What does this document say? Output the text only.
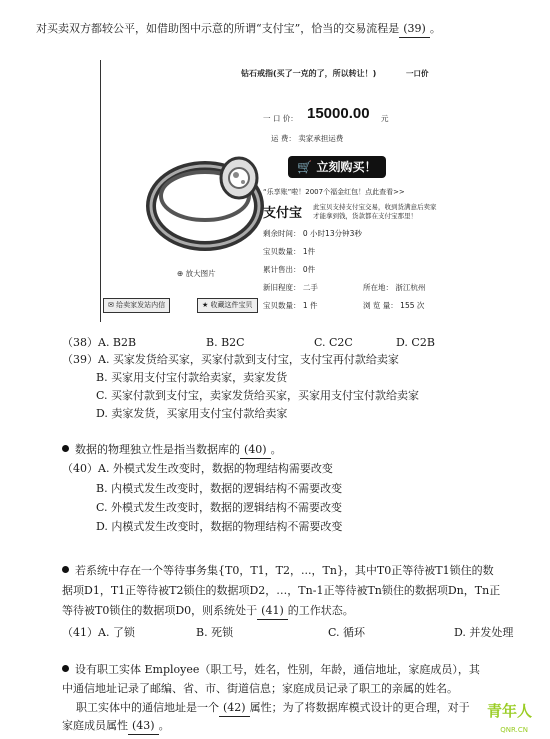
对买卖双方都较公平，如借助图中示意的所谓“支付宝”，恰当的交易流程是 (39) 。
钻石戒指(买了一克的了，所以转让！)	一口价
一 口 价： 15000.00 元
运 费： 卖家承担运费
⊕ 放大图片
✉ 给卖家发站内信	★ 收藏这件宝贝
🛒 立刻购买！
“乐享账”啦！2007个福金红包！点此查看>>
支付宝 此宝贝支持支付宝交易，收到货满意后卖家
才能拿到钱，货款都在支付宝那里！
剩余时间： 0 小时13分钟3秒
宝贝数量： 1件
累计售出： 0件
新旧程度： 二手	所在地： 浙江杭州
宝贝数量： 1 件	浏 览 量： 155 次
（38）A. B2B	B. B2C	C. C2C	D. C2B
（39）A. 买家发货给买家，买家付款到支付宝，支付宝再付款给卖家
B. 买家用支付宝付款给卖家，卖家发货
C. 买家付款到支付宝，卖家发货给买家，买家用支付宝付款给卖家
D. 卖家发货，买家用支付宝付款给卖家
数据的物理独立性是指当数据库的 (40) 。
（40）A. 外模式发生改变时，数据的物理结构需要改变
B. 内模式发生改变时，数据的逻辑结构不需要改变
C. 外模式发生改变时，数据的逻辑结构不需要改变
D. 内模式发生改变时，数据的物理结构不需要改变
若系统中存在一个等待事务集{T0，T1，T2，...，Tn}，其中T0正等待被T1锁住的数
据项D1，T1正等待被T2锁住的数据项D2，…，Tn-1正等待被Tn锁住的数据项Dn，Tn正
等待被T0锁住的数据项D0，则系统处于 (41) 的工作状态。
（41）A. 了锁	B. 死锁	C. 循环	D. 并发处理
设有职工实体 Employee（职工号，姓名，性别，年龄，通信地址，家庭成员），其
中通信地址记录了邮编、省、市、街道信息；家庭成员记录了职工的亲属的姓名。
职工实体中的通信地址是一个 (42) 属性；为了将数据库模式设计的更合理，对于
家庭成员属性 (43) 。
青年人
QNR.CN
